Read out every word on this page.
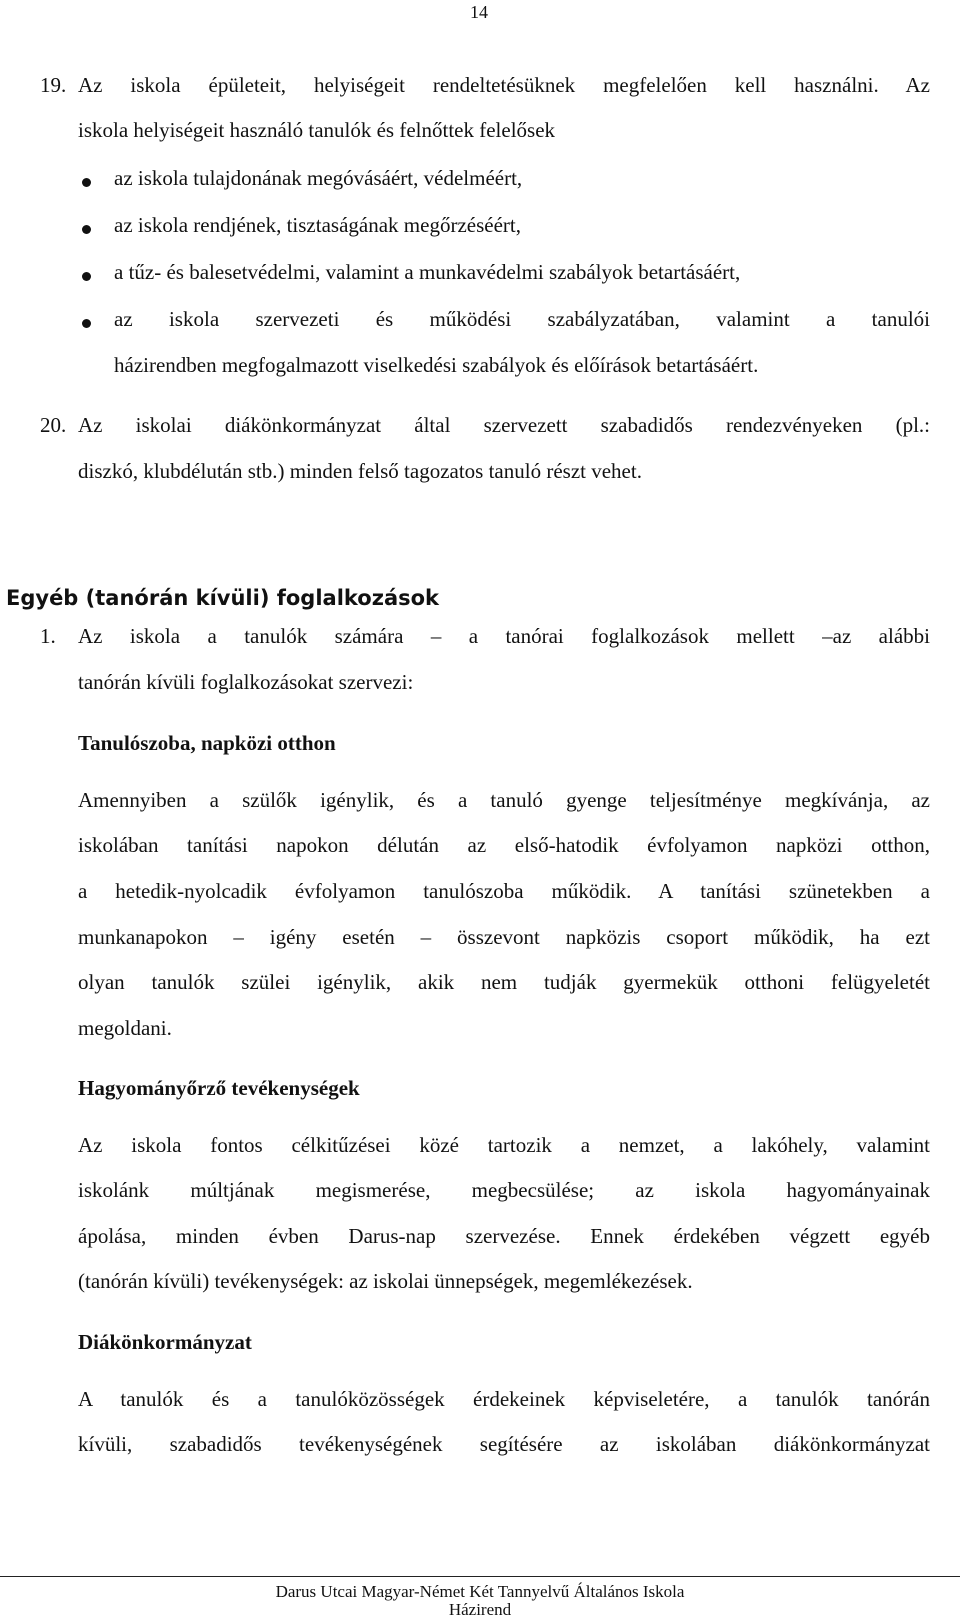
14
19. Az iskola épületeit, helyiségeit rendeltetésüknek megfelelően kell használni. Az
iskola helyiségeit használó tanulók és felnőttek felelősek
az iskola tulajdonának megóvásáért, védelméért,
az iskola rendjének, tisztaságának megőrzéséért,
a tűz- és balesetvédelmi, valamint a munkavédelmi szabályok betartásáért,
az iskola szervezeti és működési szabályzatában, valamint a tanulói
házirendben megfogalmazott viselkedési szabályok és előírások betartásáért.
20. Az iskolai diákönkormányzat által szervezett szabadidős rendezvényeken (pl.:
diszkó, klubdélután stb.) minden felső tagozatos tanuló részt vehet.
Egyéb (tanórán kívüli) foglalkozások
1. Az iskola a tanulók számára – a tanórai foglalkozások mellett –az alábbi
tanórán kívüli foglalkozásokat szervezi:
Tanulószoba, napközi otthon
Amennyiben a szülők igénylik, és a tanuló gyenge teljesítménye megkívánja, az
iskolában tanítási napokon délután az első-hatodik évfolyamon napközi otthon,
a hetedik-nyolcadik évfolyamon tanulószoba működik. A tanítási szünetekben a
munkanapokon – igény esetén – összevont napközis csoport működik, ha ezt
olyan tanulók szülei igénylik, akik nem tudják gyermekük otthoni felügyeletét
megoldani.
Hagyományőrző tevékenységek
Az iskola fontos célkitűzései közé tartozik a nemzet, a lakóhely, valamint
iskolánk múltjának megismerése, megbecsülése; az iskola hagyományainak
ápolása, minden évben Darus-nap szervezése. Ennek érdekében végzett egyéb
(tanórán kívüli) tevékenységek: az iskolai ünnepségek, megemlékezések.
Diákönkormányzat
A tanulók és a tanulóközösségek érdekeinek képviseletére, a tanulók tanórán
kívüli, szabadidős tevékenységének segítésére az iskolában diákönkormányzat
Darus Utcai Magyar-Német Két Tannyelvű Általános Iskola
Házirend
